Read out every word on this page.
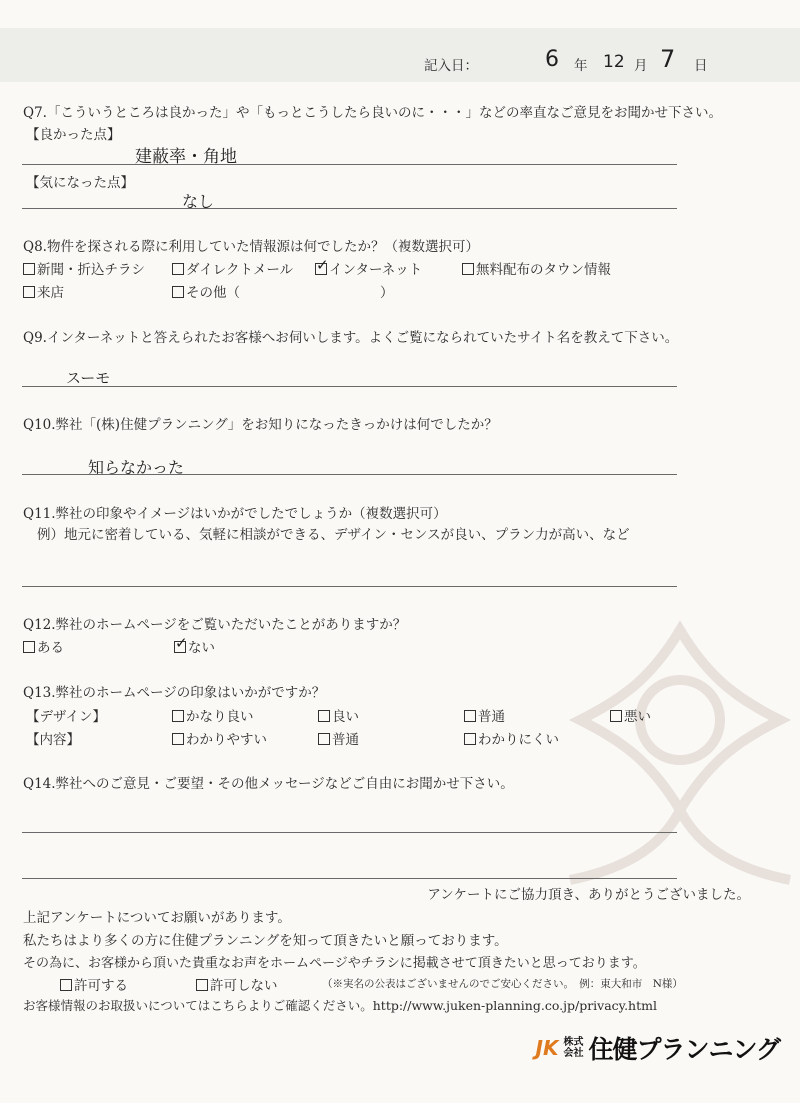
記入日：	6 年 12 月 7 日
Q7.「こういうところは良かった」や「もっとこうしたら良いのに・・・」などの率直なご意見をお聞かせ下さい。
【良かった点】
建蔽率・角地
【気になった点】
なし
Q8.物件を探される際に利用していた情報源は何でしたか？（複数選択可）
新聞・折込チラシ	ダイレクトメール ✓	インターネット	無料配布のタウン情報
来店	その他（	）
Q9.インターネットと答えられたお客様へお伺いします。よくご覧になられていたサイト名を教えて下さい。
スーモ
Q10.弊社「(株)住健プランニング」をお知りになったきっかけは何でしたか？
知らなかった
Q11.弊社の印象やイメージはいかがでしたでしょうか（複数選択可）
例）地元に密着している、気軽に相談ができる、デザイン・センスが良い、プラン力が高い、など
Q12.弊社のホームページをご覧いただいたことがありますか？
ある ✓	ない
Q13.弊社のホームページの印象はいかがですか？
【デザイン】	かなり良い	良い	普通	悪い
【内容】	わかりやすい	普通	わかりにくい
Q14.弊社へのご意見・ご要望・その他メッセージなどご自由にお聞かせ下さい。
アンケートにご協力頂き、ありがとうございました。
上記アンケートについてお願いがあります。
私たちはより多くの方に住健プランニングを知って頂きたいと願っております。
その為に、お客様から頂いた貴重なお声をホームページやチラシに掲載させて頂きたいと思っております。
許可する	許可しない	（※実名の公表はございませんのでご安心ください。　例：東大和市　N様）
お客様情報のお取扱いについてはこちらよりご確認ください。http://www.juken-planning.co.jp/privacy.html
JK 株式
会社 住健プランニング
